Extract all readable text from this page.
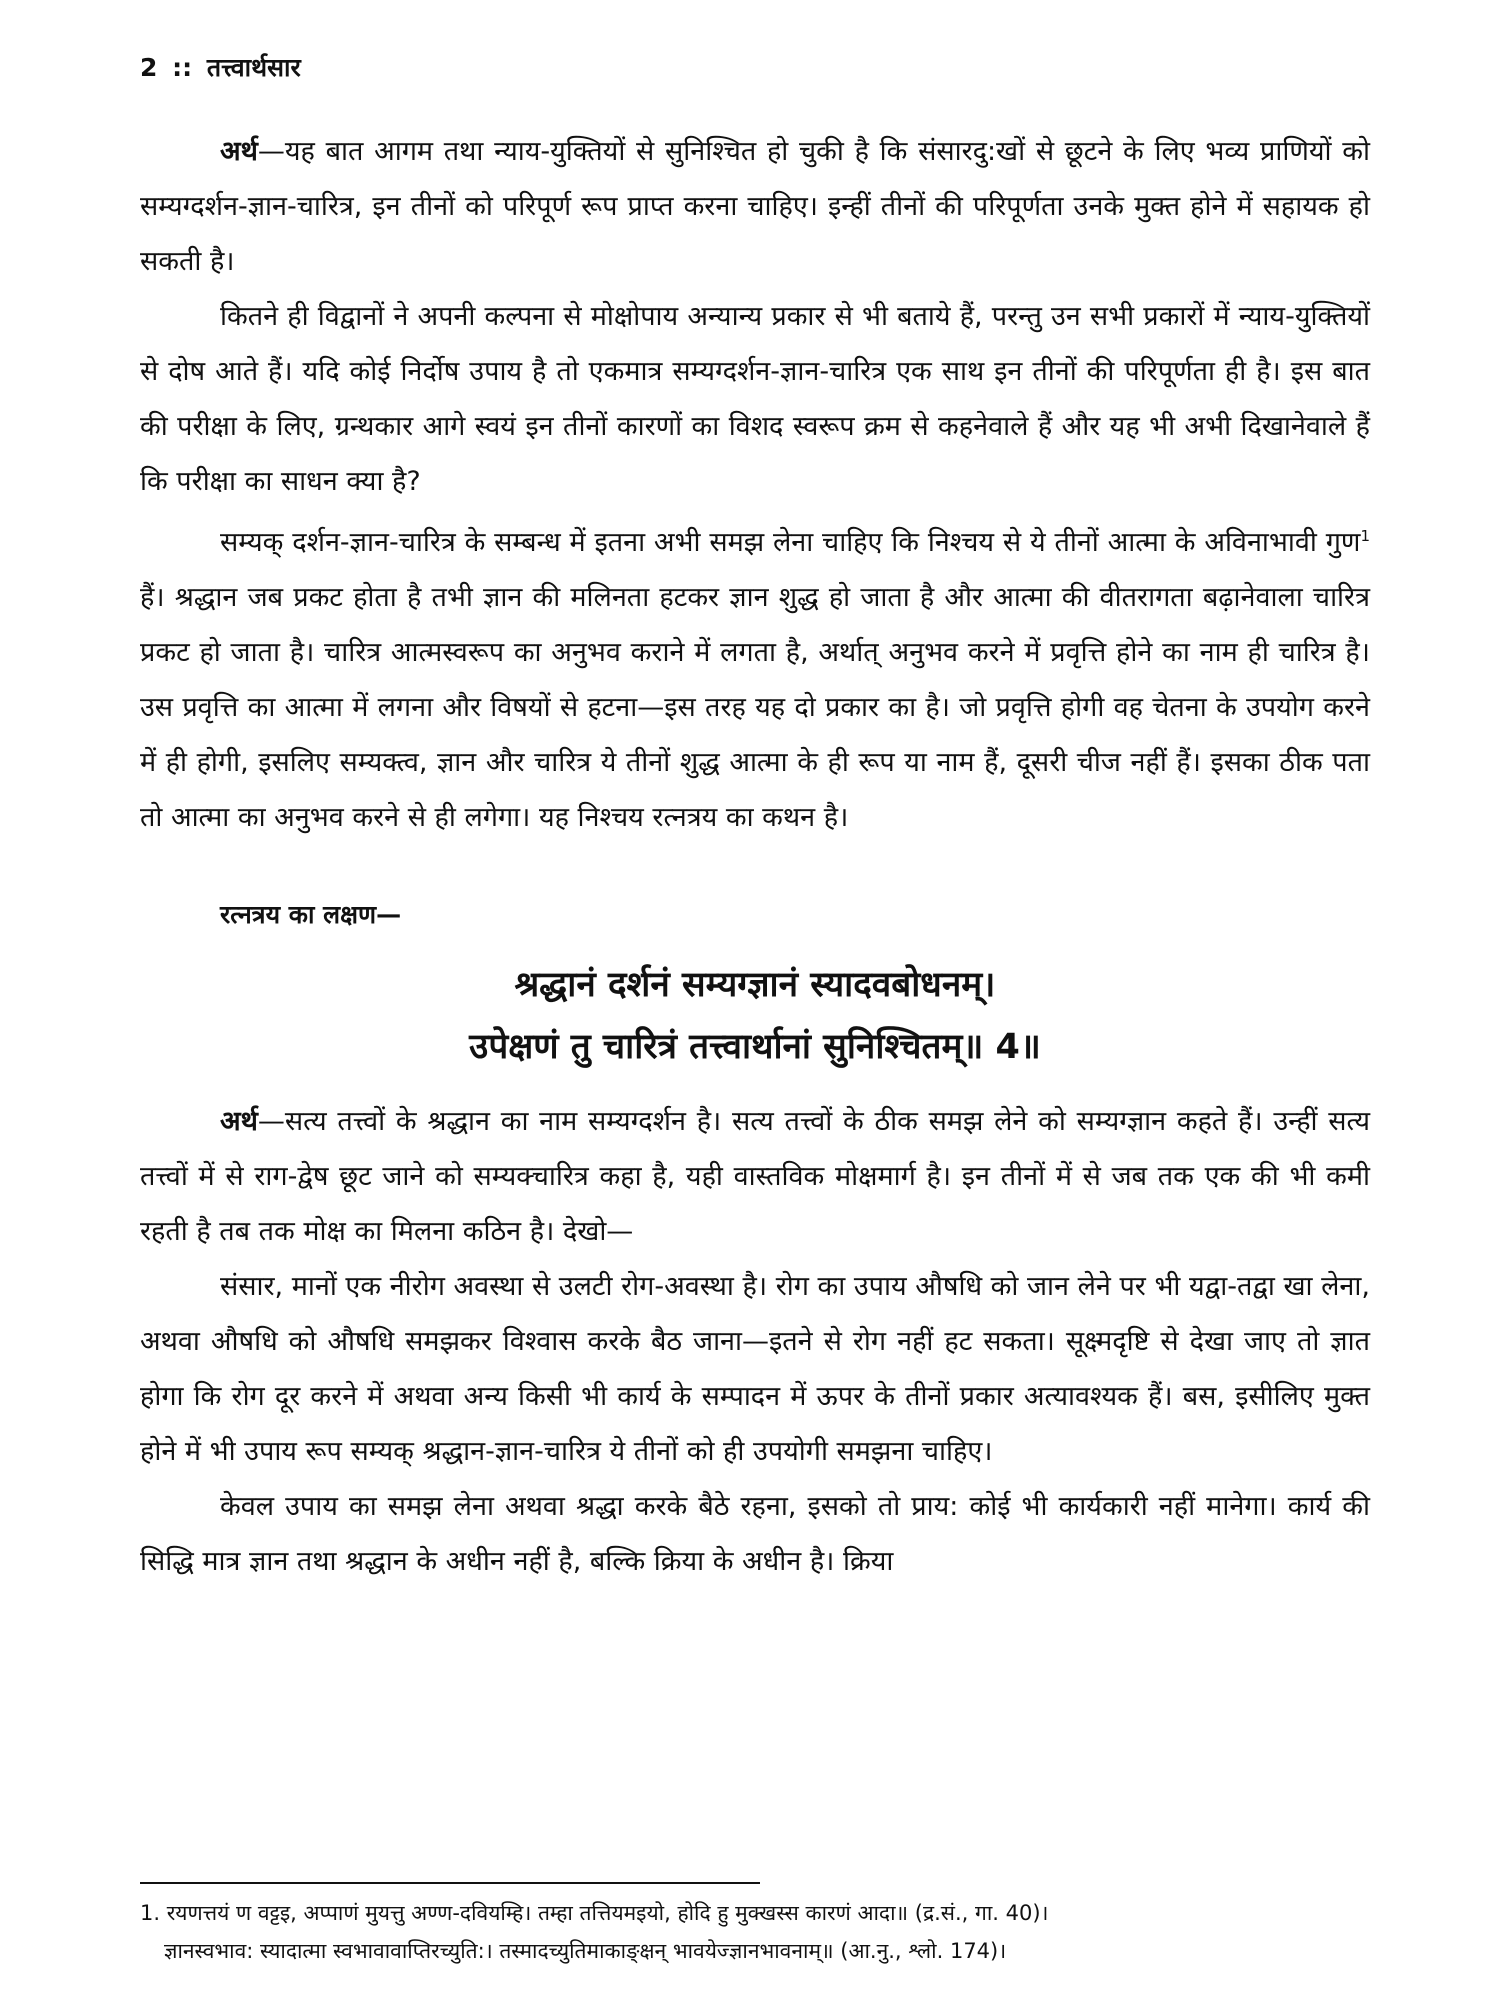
2 :: तत्त्वार्थसार

अर्थ—यह बात आगम तथा न्याय-युक्तियों से सुनिश्चित हो चुकी है कि संसारदु:खों से छूटने के लिए भव्य प्राणियों को सम्यग्दर्शन-ज्ञान-चारित्र, इन तीनों को परिपूर्ण रूप प्राप्त करना चाहिए। इन्हीं तीनों की परिपूर्णता उनके मुक्त होने में सहायक हो सकती है।

कितने ही विद्वानों ने अपनी कल्पना से मोक्षोपाय अन्यान्य प्रकार से भी बताये हैं, परन्तु उन सभी प्रकारों में न्याय-युक्तियों से दोष आते हैं। यदि कोई निर्दोष उपाय है तो एकमात्र सम्यग्दर्शन-ज्ञान-चारित्र एक साथ इन तीनों की परिपूर्णता ही है। इस बात की परीक्षा के लिए, ग्रन्थकार आगे स्वयं इन तीनों कारणों का विशद स्वरूप क्रम से कहनेवाले हैं और यह भी अभी दिखानेवाले हैं कि परीक्षा का साधन क्या है?

सम्यक् दर्शन-ज्ञान-चारित्र के सम्बन्ध में इतना अभी समझ लेना चाहिए कि निश्चय से ये तीनों आत्मा के अविनाभावी गुण$^1$ हैं। श्रद्धान जब प्रकट होता है तभी ज्ञान की मलिनता हटकर ज्ञान शुद्ध हो जाता है और आत्मा की वीतरागता बढ़ानेवाला चारित्र प्रकट हो जाता है। चारित्र आत्मस्वरूप का अनुभव कराने में लगता है, अर्थात् अनुभव करने में प्रवृत्ति होने का नाम ही चारित्र है। उस प्रवृत्ति का आत्मा में लगना और विषयों से हटना—इस तरह यह दो प्रकार का है। जो प्रवृत्ति होगी वह चेतना के उपयोग करने में ही होगी, इसलिए सम्यक्त्व, ज्ञान और चारित्र ये तीनों शुद्ध आत्मा के ही रूप या नाम हैं, दूसरी चीज नहीं हैं। इसका ठीक पता तो आत्मा का अनुभव करने से ही लगेगा। यह निश्चय रत्नत्रय का कथन है।

रत्नत्रय का लक्षण—
श्रद्धानं दर्शनं सम्यग्ज्ञानं स्यादवबोधनम्।
उपेक्षणं तु चारित्रं तत्त्वार्थानां सुनिश्चितम्॥ 4॥

अर्थ—सत्य तत्त्वों के श्रद्धान का नाम सम्यग्दर्शन है। सत्य तत्त्वों के ठीक समझ लेने को सम्यग्ज्ञान कहते हैं। उन्हीं सत्य तत्त्वों में से राग-द्वेष छूट जाने को सम्यक्चारित्र कहा है, यही वास्तविक मोक्षमार्ग है। इन तीनों में से जब तक एक की भी कमी रहती है तब तक मोक्ष का मिलना कठिन है। देखो—

संसार, मानों एक नीरोग अवस्था से उलटी रोग-अवस्था है। रोग का उपाय औषधि को जान लेने पर भी यद्वा-तद्वा खा लेना, अथवा औषधि को औषधि समझकर विश्वास करके बैठ जाना—इतने से रोग नहीं हट सकता। सूक्ष्मदृष्टि से देखा जाए तो ज्ञात होगा कि रोग दूर करने में अथवा अन्य किसी भी कार्य के सम्पादन में ऊपर के तीनों प्रकार अत्यावश्यक हैं। बस, इसीलिए मुक्त होने में भी उपाय रूप सम्यक् श्रद्धान-ज्ञान-चारित्र ये तीनों को ही उपयोगी समझना चाहिए।

केवल उपाय का समझ लेना अथवा श्रद्धा करके बैठे रहना, इसको तो प्राय: कोई भी कार्यकारी नहीं मानेगा। कार्य की सिद्धि मात्र ज्ञान तथा श्रद्धान के अधीन नहीं है, बल्कि क्रिया के अधीन है। क्रिया

1. रयणत्तयं ण वट्टइ, अप्पाणं मुयत्तु अण्ण-दवियम्हि। तम्हा तत्तियमइयो, होदि हु मुक्खस्स कारणं आदा॥ (द्र.सं., गा. 40)।
ज्ञानस्वभाव: स्यादात्मा स्वभावावाप्तिरच्युति:। तस्मादच्युतिमाकाङ्क्षन् भावयेज्ज्ञानभावनाम्॥ (आ.नु., श्लो. 174)।
